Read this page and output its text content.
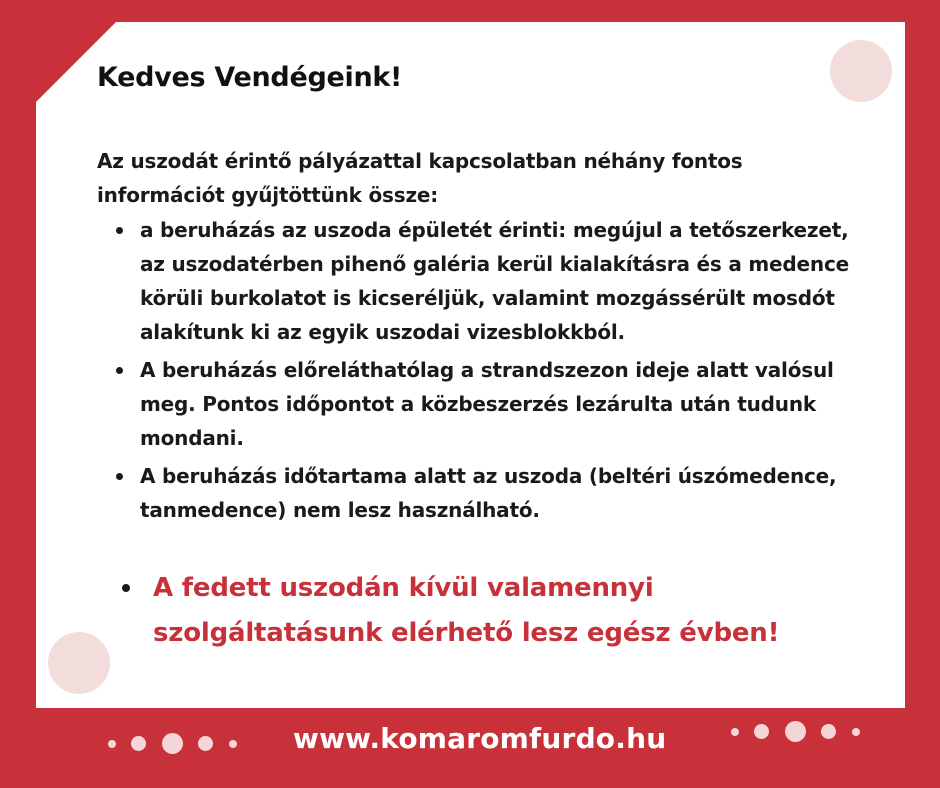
Kedves Vendégeink!
Az uszodát érintő pályázattal kapcsolatban néhány fontos információt gyűjtöttünk össze:
a beruházás az uszoda épületét érinti: megújul a tetőszerkezet, az uszodatérben pihenő galéria kerül kialakításra és a medence körüli burkolatot is kicseréljük, valamint mozgássérült mosdót alakítunk ki az egyik uszodai vizesblokkból.
A beruházás előreláthatólag a strandszezon ideje alatt valósul meg. Pontos időpontot a közbeszerzés lezárulta után tudunk mondani.
A beruházás időtartama alatt az uszoda (beltéri úszómedence, tanmedence) nem lesz használható.
A fedett uszodán kívül valamennyi szolgáltatásunk elérhető lesz egész évben!
www.komaromfurdo.hu
